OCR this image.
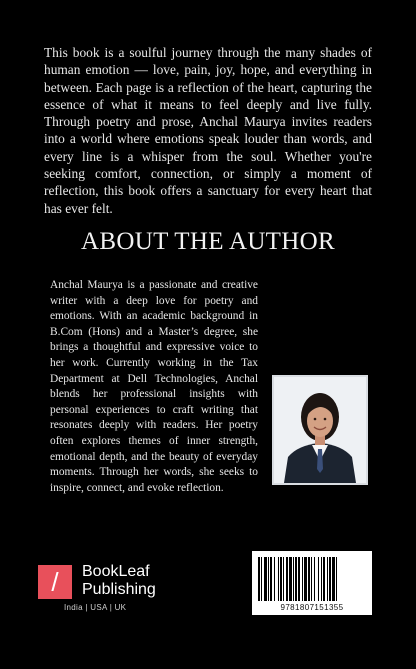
This book is a soulful journey through the many shades of human emotion — love, pain, joy, hope, and everything in between. Each page is a reflection of the heart, capturing the essence of what it means to feel deeply and live fully. Through poetry and prose, Anchal Maurya invites readers into a world where emotions speak louder than words, and every line is a whisper from the soul. Whether you're seeking comfort, connection, or simply a moment of reflection, this book offers a sanctuary for every heart that has ever felt.

ABOUT THE AUTHOR

Anchal Maurya is a passionate and creative writer with a deep love for poetry and emotions. With an academic background in B.Com (Hons) and a Master’s degree, she brings a thoughtful and expressive voice to her work. Currently working in the Tax Department at Dell Technologies, Anchal blends her professional insights with personal experiences to craft writing that resonates deeply with readers. Her poetry often explores themes of inner strength, emotional depth, and the beauty of everyday moments. Through her words, she seeks to inspire, connect, and evoke reflection.

/	BookLeaf
Publishing
India | USA | UK	9781807151355
